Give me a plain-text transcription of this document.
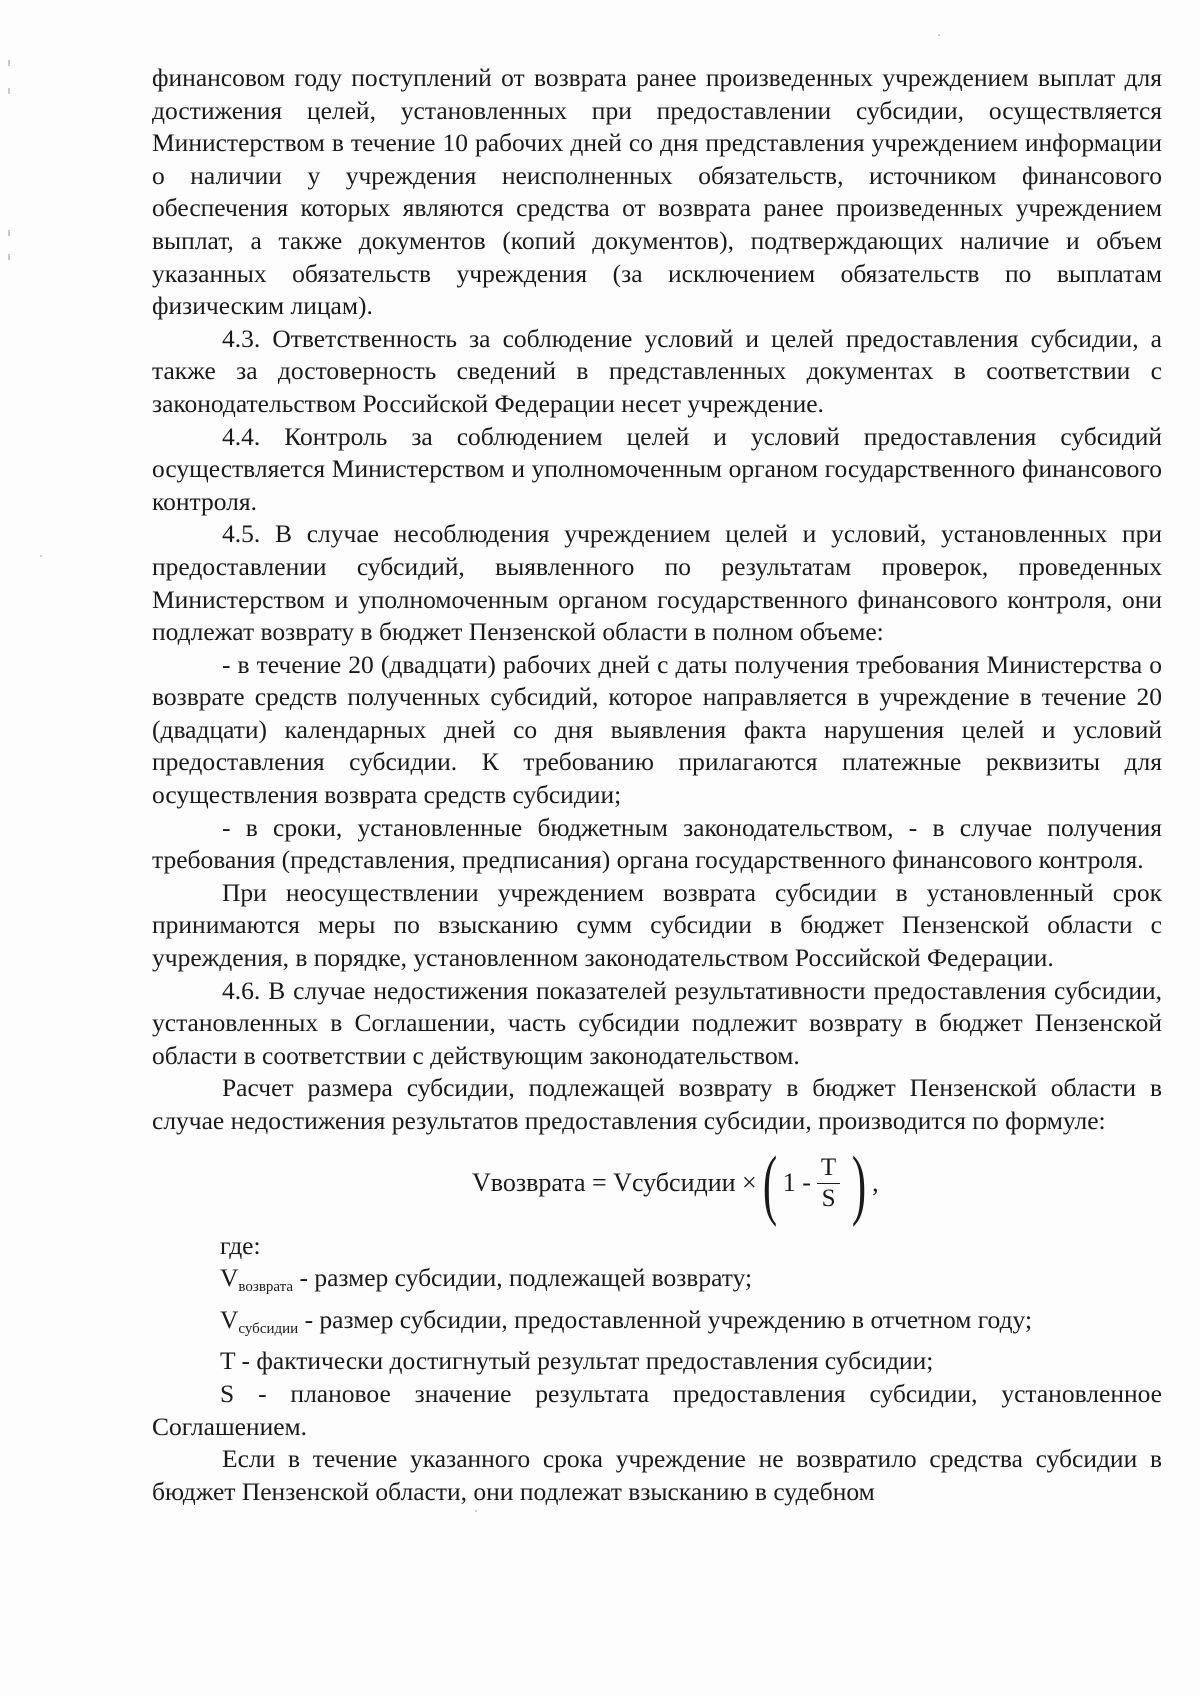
финансовом году поступлений от возврата ранее произведенных учреждением выплат для достижения целей, установленных при предоставлении субсидии, осуществляется Министерством в течение 10 рабочих дней со дня представления учреждением информации о наличии у учреждения неисполненных обязательств, источником финансового обеспечения которых являются средства от возврата ранее произведенных учреждением выплат, а также документов (копий документов), подтверждающих наличие и объем указанных обязательств учреждения (за исключением обязательств по выплатам физическим лицам).

4.3. Ответственность за соблюдение условий и целей предоставления субсидии, а также за достоверность сведений в представленных документах в соответствии с законодательством Российской Федерации несет учреждение.

4.4. Контроль за соблюдением целей и условий предоставления субсидий осуществляется Министерством и уполномоченным органом государственного финансового контроля.

4.5. В случае несоблюдения учреждением целей и условий, установленных при предоставлении субсидий, выявленного по результатам проверок, проведенных Министерством и уполномоченным органом государственного финансового контроля, они подлежат возврату в бюджет Пензенской области в полном объеме:

- в течение 20 (двадцати) рабочих дней с даты получения требования Министерства о возврате средств полученных субсидий, которое направляется в учреждение в течение 20 (двадцати) календарных дней со дня выявления факта нарушения целей и условий предоставления субсидии. К требованию прилагаются платежные реквизиты для осуществления возврата средств субсидии;

- в сроки, установленные бюджетным законодательством, - в случае получения требования (представления, предписания) органа государственного финансового контроля.

При неосуществлении учреждением возврата субсидии в установленный срок принимаются меры по взысканию сумм субсидии в бюджет Пензенской области с учреждения, в порядке, установленном законодательством Российской Федерации.

4.6. В случае недостижения показателей результативности предоставления субсидии, установленных в Соглашении, часть субсидии подлежит возврату в бюджет Пензенской области в соответствии с действующим законодательством.

Расчет размера субсидии, подлежащей возврату в бюджет Пензенской области в случае недостижения результатов предоставления субсидии, производится по формуле:

Vвозврата = Vсубсидии × ( $1 - \frac{T}{S}$ ) ,

где:

$V_{возврата}$ - размер субсидии, подлежащей возврату;

$V_{субсидии}$ - размер субсидии, предоставленной учреждению в отчетном году;

T - фактически достигнутый результат предоставления субсидии;

S - плановое значение результата предоставления субсидии, установленное Соглашением.

Если в течение указанного срока учреждение не возвратило средства субсидии в бюджет Пензенской области, они подлежат взысканию в судебном
